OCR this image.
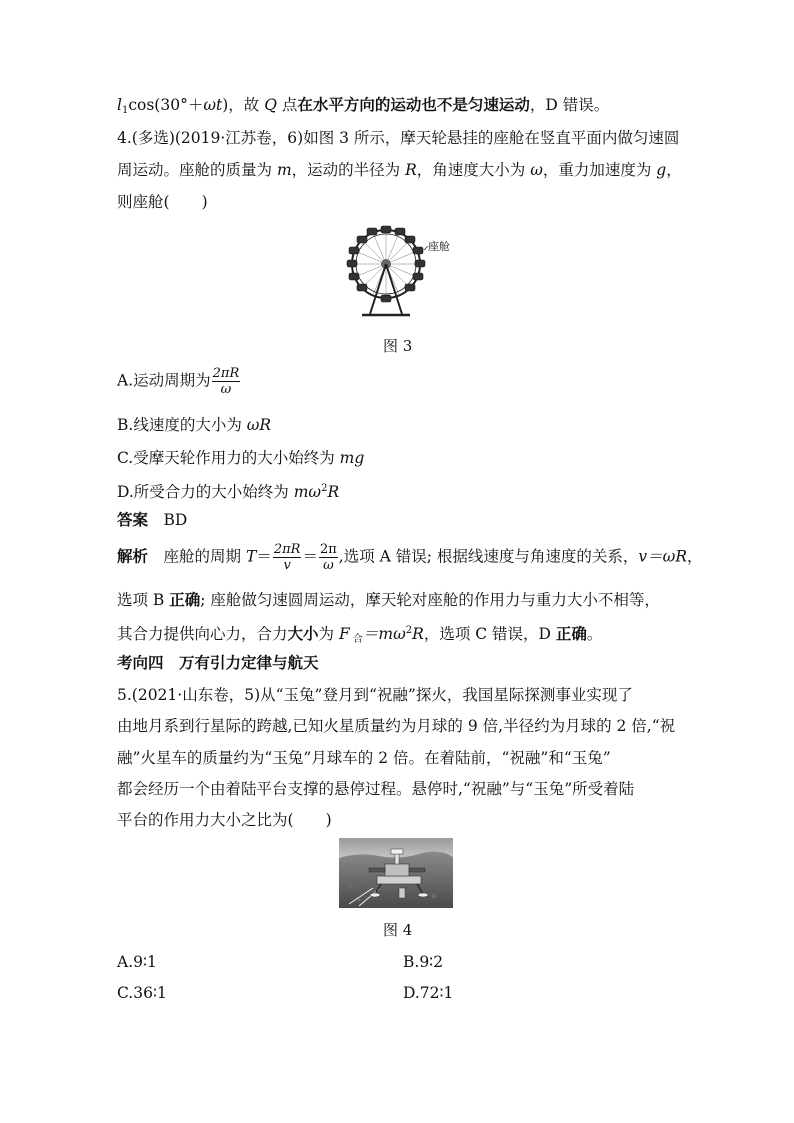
$l_1\cos(30^\circ+\omega t)$，故 Q 点在水平方向的运动也不是匀速运动，D 错误。
4.(多选)(2019·江苏卷，6)如图 3 所示，摩天轮悬挂的座舱在竖直平面内做匀速圆
周运动。座舱的质量为 m，运动的半径为 R，角速度大小为 ω，重力加速度为 g，
则座舱( )
座舱
图 3
A.运动周期为 $\frac{2\pi R}{\omega}$
B.线速度的大小为 ωR
C.受摩天轮作用力的大小始终为 mg
D.所受合力的大小始终为 $m\omega^2R$
答案　 BD
解析　 座舱的周期 $T= \frac{2\pi R}{v} = \frac{2\pi}{\omega}$ ,选项 A 错误; 根据线速度与角速度的关系，v＝ωR，
选项 B 正确; 座舱做匀速圆周运动，摩天轮对座舱的作用力与重力大小不相等，
其合力提供向心力，合力大小为 F $_合=m\omega^2R$，选项 C 错误，D 正确。
考向四　万有引力定律与航天
5.(2021·山东卷，5)从“玉兔”登月到“祝融”探火，我国星际探测事业实现了
由地月系到行星际的跨越,已知火星质量约为月球的 9 倍,半径约为月球的 2 倍,“祝
融”火星车的质量约为“玉兔”月球车的 2 倍。在着陆前，“祝融”和“玉兔”
都会经历一个由着陆平台支撑的悬停过程。悬停时,“祝融”与“玉兔”所受着陆
平台的作用力大小之比为( )
图 4
A.9∶1	B.9∶2
C.36∶1	D.72∶1
